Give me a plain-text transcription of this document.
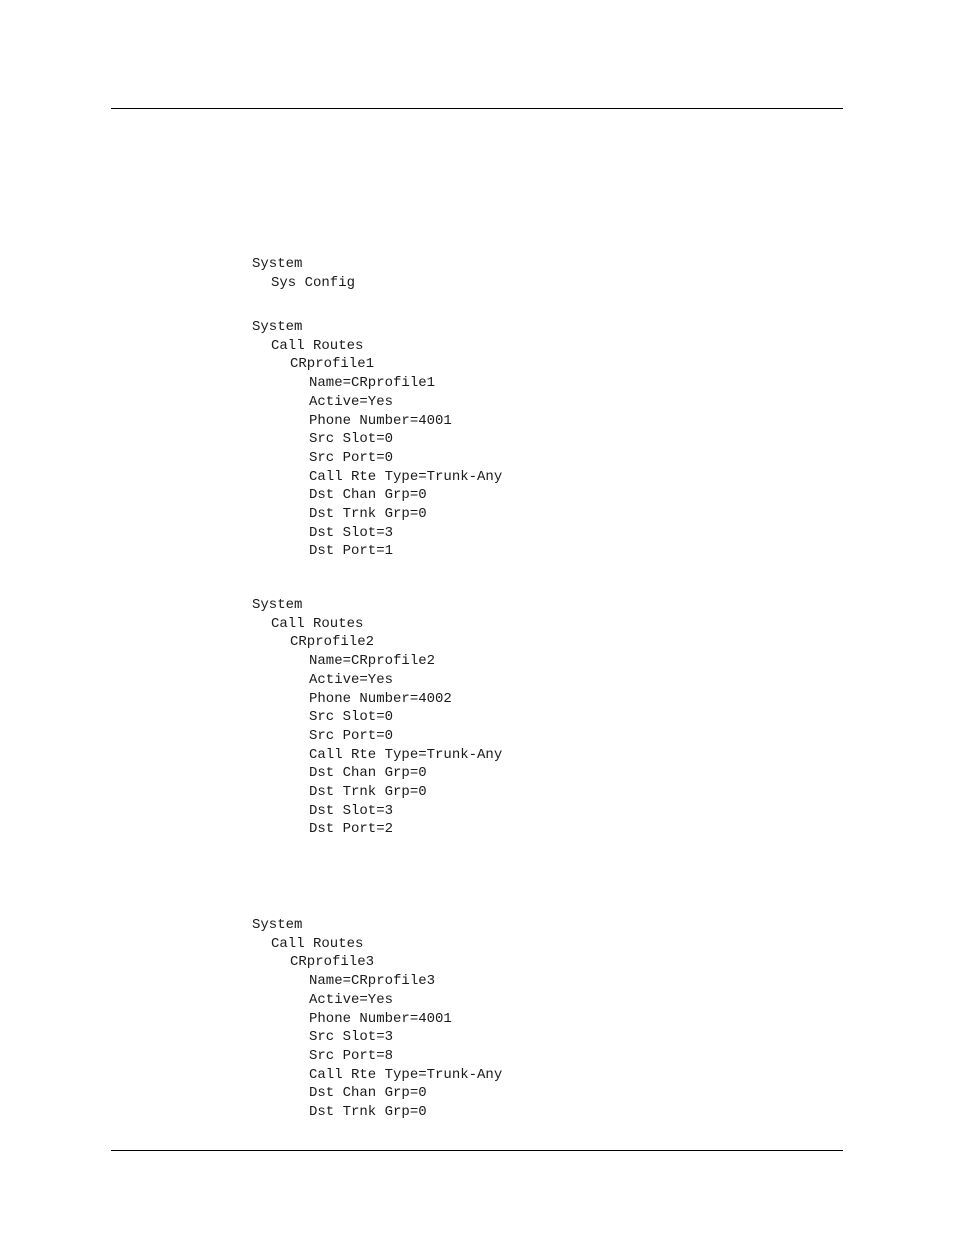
System
Sys Config
System
Call Routes
CRprofile1
Name=CRprofile1
Active=Yes
Phone Number=4001
Src Slot=0
Src Port=0
Call Rte Type=Trunk-Any
Dst Chan Grp=0
Dst Trnk Grp=0
Dst Slot=3
Dst Port=1
System
Call Routes
CRprofile2
Name=CRprofile2
Active=Yes
Phone Number=4002
Src Slot=0
Src Port=0
Call Rte Type=Trunk-Any
Dst Chan Grp=0
Dst Trnk Grp=0
Dst Slot=3
Dst Port=2
System
Call Routes
CRprofile3
Name=CRprofile3
Active=Yes
Phone Number=4001
Src Slot=3
Src Port=8
Call Rte Type=Trunk-Any
Dst Chan Grp=0
Dst Trnk Grp=0
